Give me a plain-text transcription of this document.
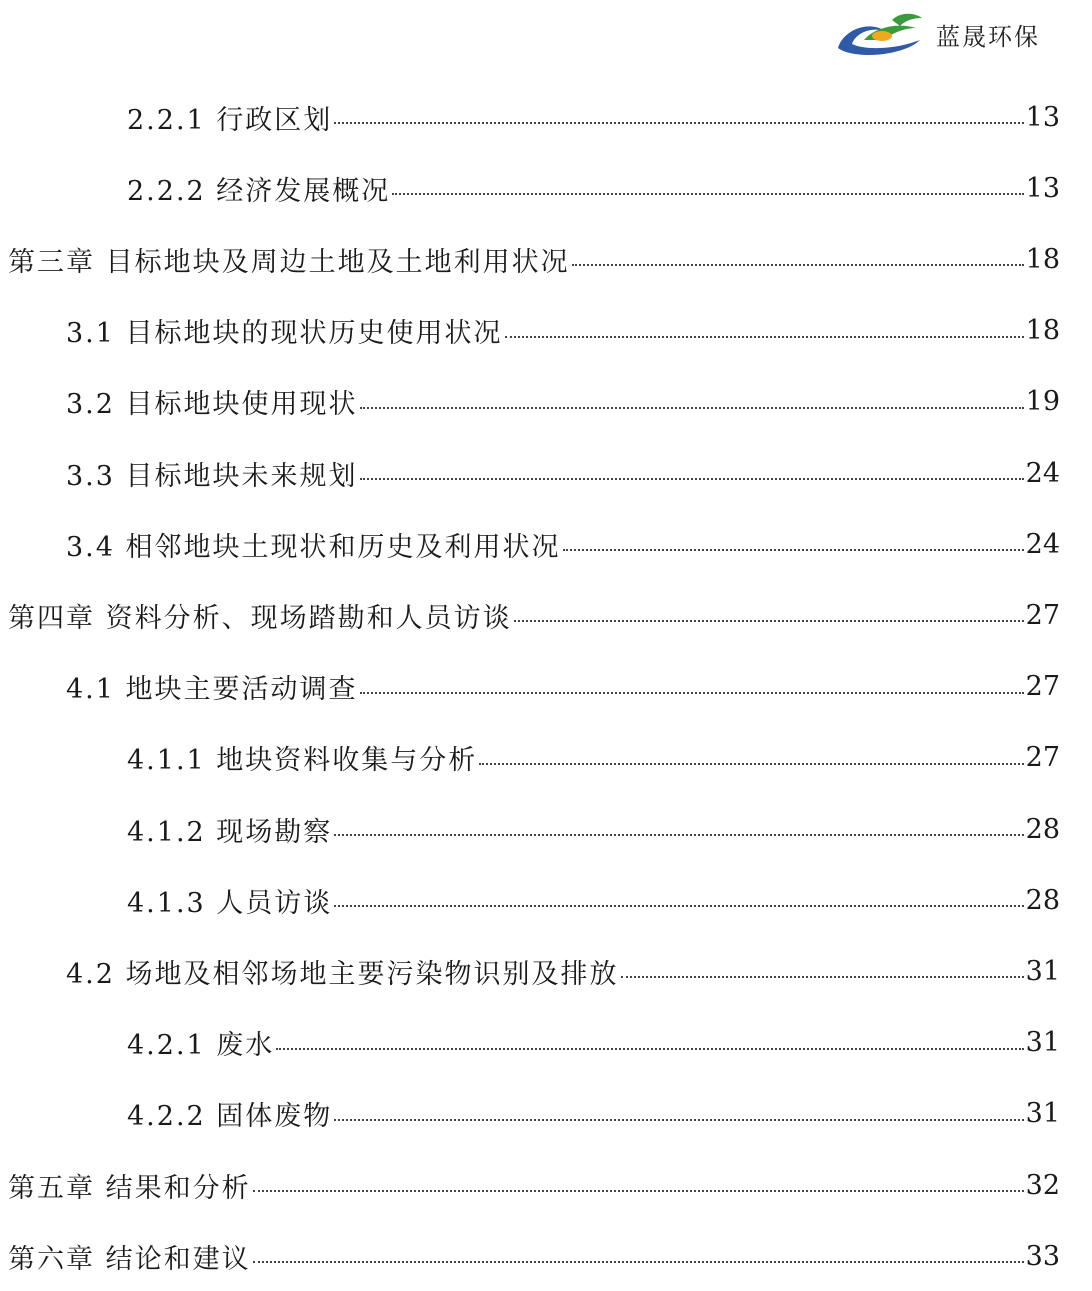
蓝晟环保
2.2.1 行政区划	13
2.2.2 经济发展概况	13
第三章 目标地块及周边土地及土地利用状况	18
3.1 目标地块的现状历史使用状况	18
3.2 目标地块使用现状	19
3.3 目标地块未来规划	24
3.4 相邻地块土现状和历史及利用状况	24
第四章 资料分析、现场踏勘和人员访谈	27
4.1 地块主要活动调查	27
4.1.1 地块资料收集与分析	27
4.1.2 现场勘察	28
4.1.3 人员访谈	28
4.2 场地及相邻场地主要污染物识别及排放	31
4.2.1 废水	31
4.2.2 固体废物	31
第五章 结果和分析	32
第六章 结论和建议	33
